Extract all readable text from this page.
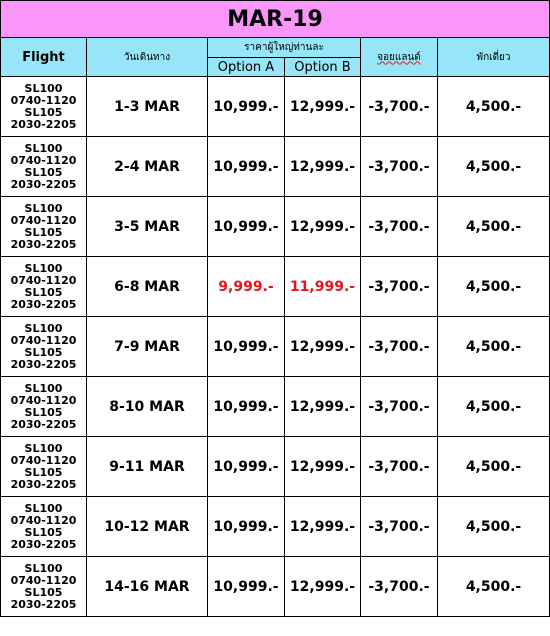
MAR-19					
Flight	วันเดินทาง	ราคาผู้ใหญ่ท่านละ		จอยแลนด์	พักเดี่ยว
		Option A	Option B		

SL100
0740-1120
SL105
2030-2205	1-3 MAR	10,999.-	12,999.-	-3,700.-	4,500.-

SL100
0740-1120
SL105
2030-2205	2-4 MAR	10,999.-	12,999.-	-3,700.-	4,500.-

SL100
0740-1120
SL105
2030-2205	3-5 MAR	10,999.-	12,999.-	-3,700.-	4,500.-

SL100
0740-1120
SL105
2030-2205	6-8 MAR	9,999.-	11,999.-	-3,700.-	4,500.-

SL100
0740-1120
SL105
2030-2205	7-9 MAR	10,999.-	12,999.-	-3,700.-	4,500.-

SL100
0740-1120
SL105
2030-2205	8-10 MAR	10,999.-	12,999.-	-3,700.-	4,500.-

SL100
0740-1120
SL105
2030-2205	9-11 MAR	10,999.-	12,999.-	-3,700.-	4,500.-

SL100
0740-1120
SL105
2030-2205	10-12 MAR	10,999.-	12,999.-	-3,700.-	4,500.-

SL100
0740-1120
SL105
2030-2205	14-16 MAR	10,999.-	12,999.-	-3,700.-	4,500.-
